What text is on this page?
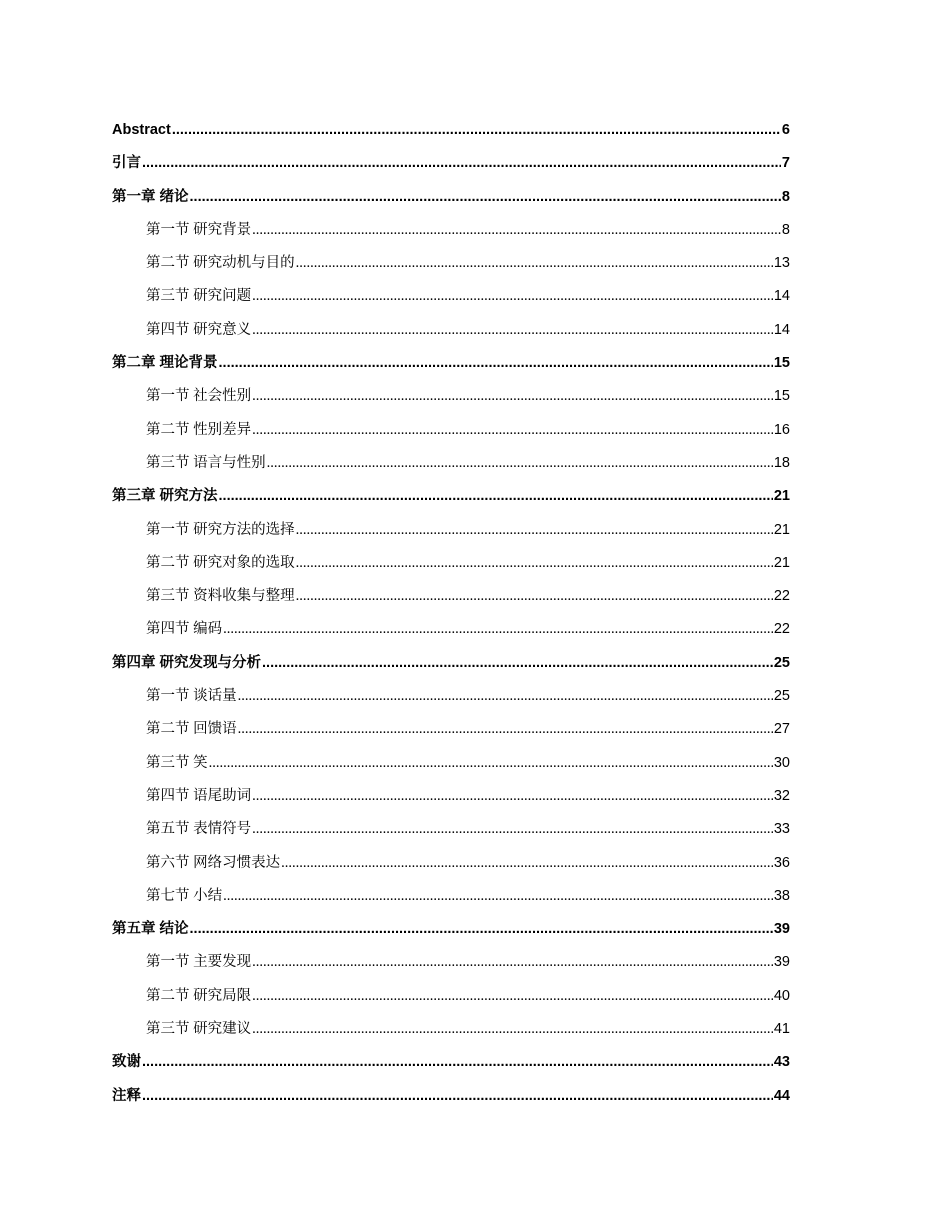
Abstract .....	6
引言 .....	7
第一章 绪论 .....	8
第一节 研究背景 .....	8
第二节 研究动机与目的 .....	13
第三节 研究问题 .....	14
第四节 研究意义 .....	14
第二章 理论背景 .....	15
第一节 社会性别 .....	15
第二节 性别差异 .....	16
第三节 语言与性别 .....	18
第三章 研究方法 .....	21
第一节 研究方法的选择 .....	21
第二节 研究对象的选取 .....	21
第三节 资料收集与整理 .....	22
第四节 编码 .....	22
第四章 研究发现与分析 .....	25
第一节 谈话量 .....	25
第二节 回馈语 .....	27
第三节 笑 .....	30
第四节 语尾助词 .....	32
第五节 表情符号 .....	33
第六节 网络习惯表达 .....	36
第七节 小结 .....	38
第五章 结论 .....	39
第一节 主要发现 .....	39
第二节 研究局限 .....	40
第三节 研究建议 .....	41
致谢 .....	43
注释 .....	44
